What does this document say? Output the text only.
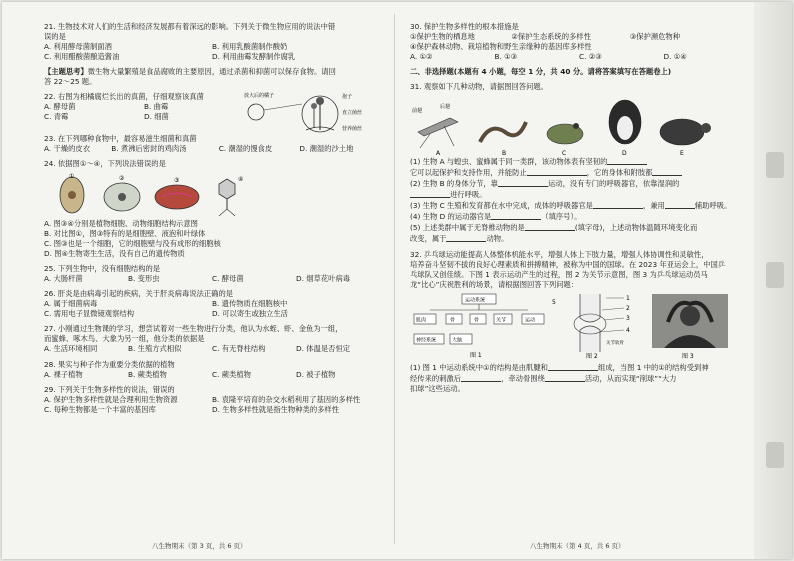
21. 生物技术对人们的生活和经济发展都有着深远的影响。下列关于微生物应用的说法中错
误的是
A. 利用酵母菌制面酒	B. 利用乳酸菌制作酸奶
C. 利用醋酸菌酿造酱油	D. 利用曲霉发酵制作腐乳
【主题思考】微生物大量繁殖是食品腐败的主要原因，通过杀菌和抑菌可以保存食物。请回
答 22～25 题。
22. 右图为相橘腐烂长出的真菌，仔细观察该真菌
A. 酵母菌	B. 曲霉
C. 青霉	D. 细菌
放大后的橘子	孢子
直立菌丝
营养菌丝
23. 在下列哪种食物中，最容易滋生细菌和真菌
A. 干燥的皮衣	B. 煮沸后密封的鸡肉汤	C. 潮湿的馒食皮	D. 潮湿的沙土地
24. 依据图①～④，下列说法错误的是
①	②	③	④
A. 图③④分别是植物细胞、动物细胞结构示意图
B. 对比图①，图③特有的是细胞壁、液泡和叶绿体
C. 图③也是一个细胞，它的细胞壁与没有成形的细胞核
D. 图④生物寄生生活，没有自己的遗传物质
25. 下列生物中，没有细胞结构的是
A. 大肠杆菌	B. 变形虫	C. 酵母菌	D. 烟草花叶病毒
26. 肝炎是由病毒引起的疾病，关于肝炎病毒说法正确的是
A. 属于细菌病毒	B. 遗传物质在细胞核中
C. 需用电子显微镜观察结构	D. 可以寄生或独立生活
27. 小刚通过生物课的学习，想尝试着对一些生物进行分类，他认为水蛭、虾、金鱼为一组，
而蜜蜂、啄木鸟、大象为另一组，他分类的依据是
A. 生活环境相同	B. 生殖方式相似	C. 有无脊柱结构	D. 体温是否恒定
28. 果实与种子作为重要分类依据的植物
A. 裸子植物	B. 蕨类植物	C. 蕨类植物	D. 被子植物
29. 下列关于生物多样性的说法，错误的
A. 保护生物多样性就是合理利用生物资源	B. 袁隆平培育的杂交水稻利用了基因的多样性
C. 每种生物都是一个丰富的基因库	D. 生物多样性就是指生物种类的多样性
八生物期末（第 3 页，共 6 页）
30. 保护生物多样性的根本措施是
①保护生物的栖息地	②保护生态系统的多样性	③保护濒危物种
④保护森林动物、栽培植物和野生亲缘种的基因库多样性
A. ①②	B. ①③	C. ②③	D. ①④
二、非选择题(本题有 4 小题，每空 1 分，共 40 分。请将答案填写在答题卷上)
31. 观察如下几种动物，请据图回答问题。
前翅
后翅
A	B	C	D	E
(1) 生物 A 与蝗虫、蜜蜂属于同一类群，该动物体表有坚韧的
它可以起保护和支持作用，并能防止	，它的身体和附肢都
(2) 生物 B 的身体分节，靠	运动，没有专门的呼吸器官，依靠湿润的
进行呼吸。
(3) 生物 C 生殖和发育都在水中完成，成体的呼吸器官是	，兼用	辅助呼吸。
(4) 生物 D 的运动器官是	（填序号）。
(5) 上述类群中属于无脊椎动物的是	(填字母)，上述动物体温随环境变化而
改变，属于	动物。
32. 乒乓球运动能提高人体整体机能水平，增强人体上下肢力量，增强人体协调性和灵敏性，
培养奋斗坚韧不拔的良好心理素质和拼搏精神，被称为中国的国球。在 2023 年亚运会上，中国乒
乓球队又创佳绩。下图 1 表示运动产生的过程，图 2 为关节示意图，图 3 为乒乓球运动员马
龙“比心”庆祝胜利的场景，请根据图回答下列问题：
运动系统
肌肉	骨	骨	关节	运动
神经系统	大脑
图 1
1
2
3
4
5
关节软骨
图 2	图 3
(1) 图 1 中运动系统中①的结构是由肌腱和	组成，当图 1 中的①的结构受到神
经传来的刺激后	，牵动骨围绕	活动，从而实现“削球”“大力
扣球”这些运动。
八生物期末（第 4 页，共 6 页）
